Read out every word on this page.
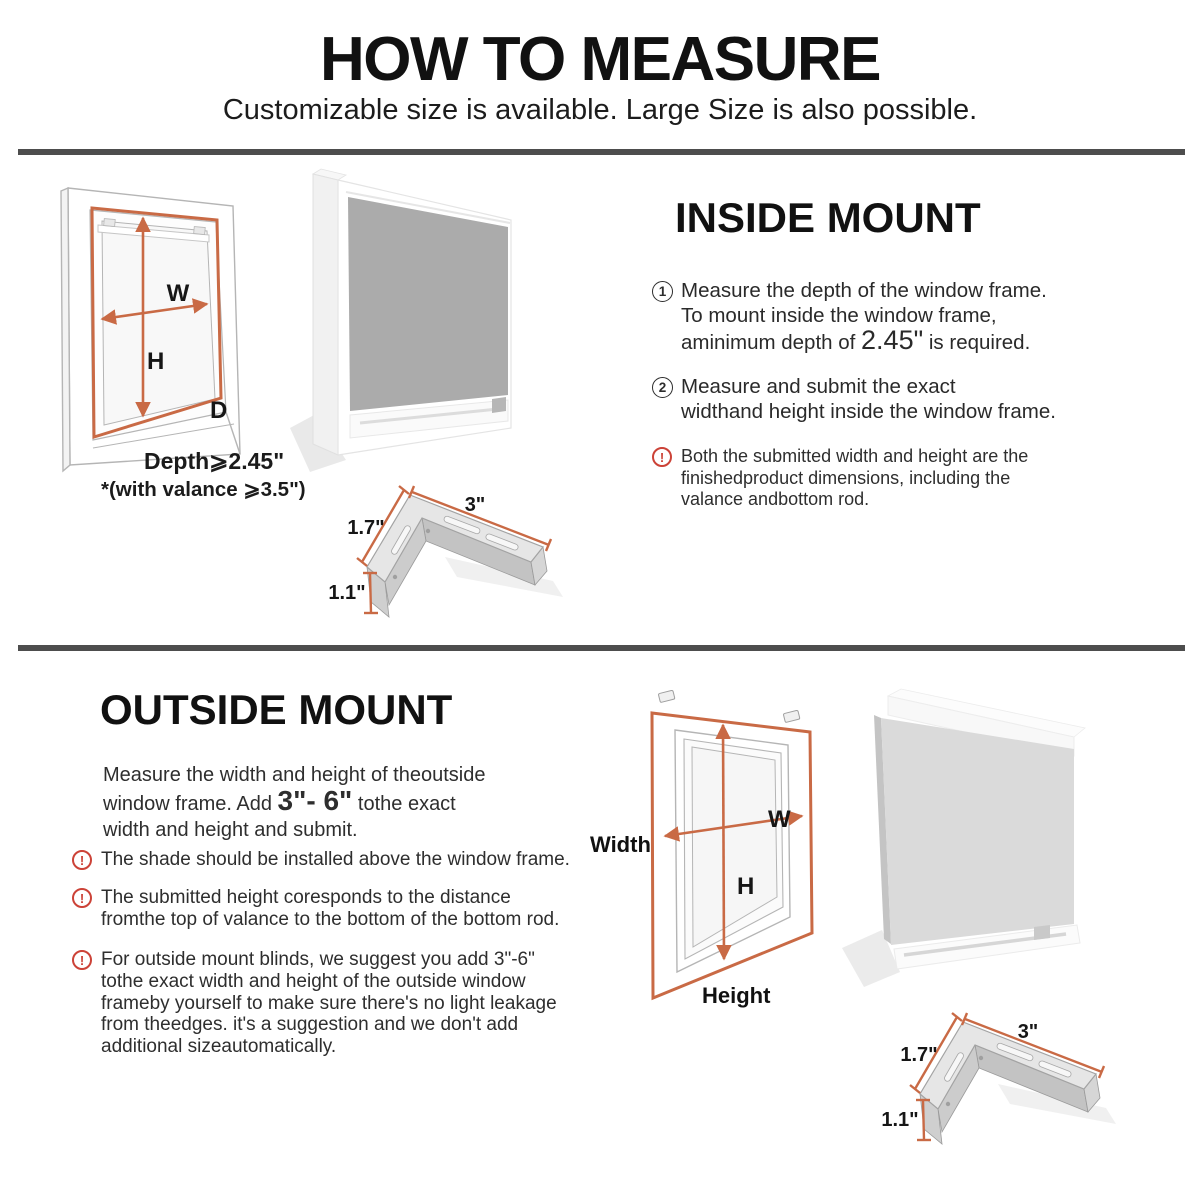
HOW TO MEASURE
Customizable size is available. Large Size is also possible.
W
H
D
Depth⩾2.45"
*(with valance ⩾3.5")
3"
1.7"
1.1"
INSIDE MOUNT
1 Measure the depth of the window frame.
To mount inside the window frame,
aminimum depth of 2.45" is required.
2 Measure and submit the exact
widthand height inside the window frame.
! Both the submitted width and height are the
finishedproduct dimensions, including the
valance andbottom rod.
OUTSIDE MOUNT
Measure the width and height of theoutside
window frame. Add 3"- 6" tothe exact
width and height and submit.
! The shade should be installed above the window frame.
! The submitted height coresponds to the distance
fromthe top of valance to the bottom of the bottom rod.
! For outside mount blinds, we suggest you add 3"-6"
tothe exact width and height of the outside window
frameby yourself to make sure there's no light leakage
from theedges. it's a suggestion and we don't add
additional sizeautomatically.
W
H
Width
Height
3"
1.7"
1.1"
